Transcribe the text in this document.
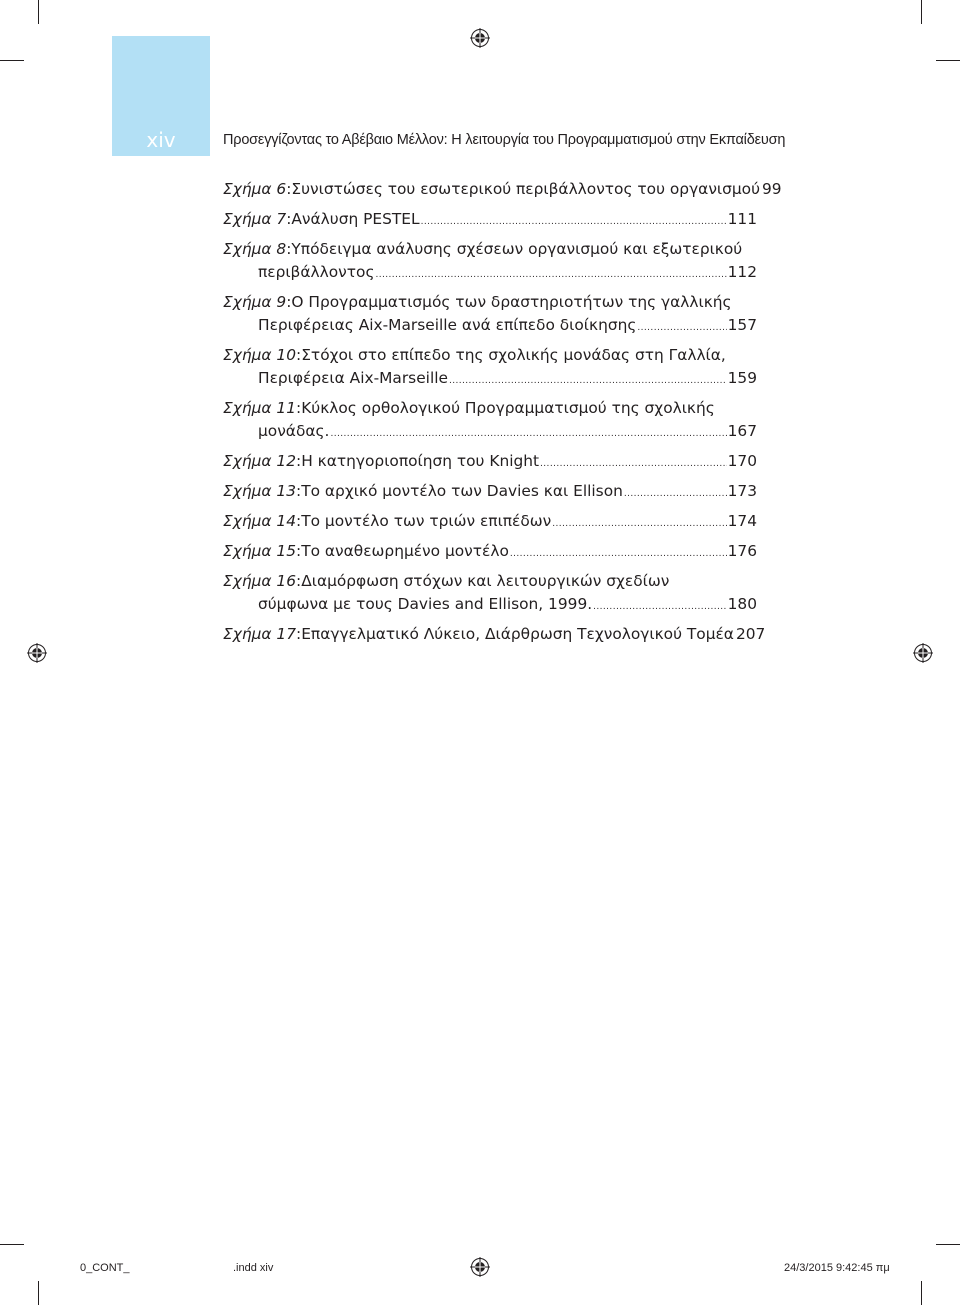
xiv	Προσεγγίζοντας το Αβέβαιο Μέλλον: Η λειτουργία του Προγραμματισμού στην Εκπαίδευση
Σχήμα 6 : Συνιστώσες του εσωτερικού περιβάλλοντος του οργανισμού 99
Σχήμα 7 : Ανάλυση PESTEL .....	111
Σχήμα 8 : Υπόδειγμα ανάλυσης σχέσεων οργανισμού και εξωτερικού
περιβάλλοντος .....	112
Σχήμα 9 : Ο Προγραμματισμός των δραστηριοτήτων της γαλλικής
Περιφέρειας Aix-Marseille ανά επίπεδο διοίκησης .....	157
Σχήμα 10 : Στόχοι στο επίπεδο της σχολικής μονάδας στη Γαλλία,
Περιφέρεια Aix-Marseille .....	159
Σχήμα 11 : Κύκλος ορθολογικού Προγραμματισμού της σχολικής
μονάδας. .....	167
Σχήμα 12 : Η κατηγοριοποίηση του Knight .....	170
Σχήμα 13 : Το αρχικό μοντέλο των Davies και Ellison .....	173
Σχήμα 14 : Το μοντέλο των τριών επιπέδων .....	174
Σχήμα 15 : Το αναθεωρημένο μοντέλο .....	176
Σχήμα 16 : Διαμόρφωση στόχων και λειτουργικών σχεδίων
σύμφωνα με τους Davies and Ellison, 1999. .....	180
Σχήμα 17 : Επαγγελματικό Λύκειο, Διάρθρωση Τεχνολογικού Τομέα 207
0_CONT_	.indd xiv	24/3/2015 9:42:45 πμ
